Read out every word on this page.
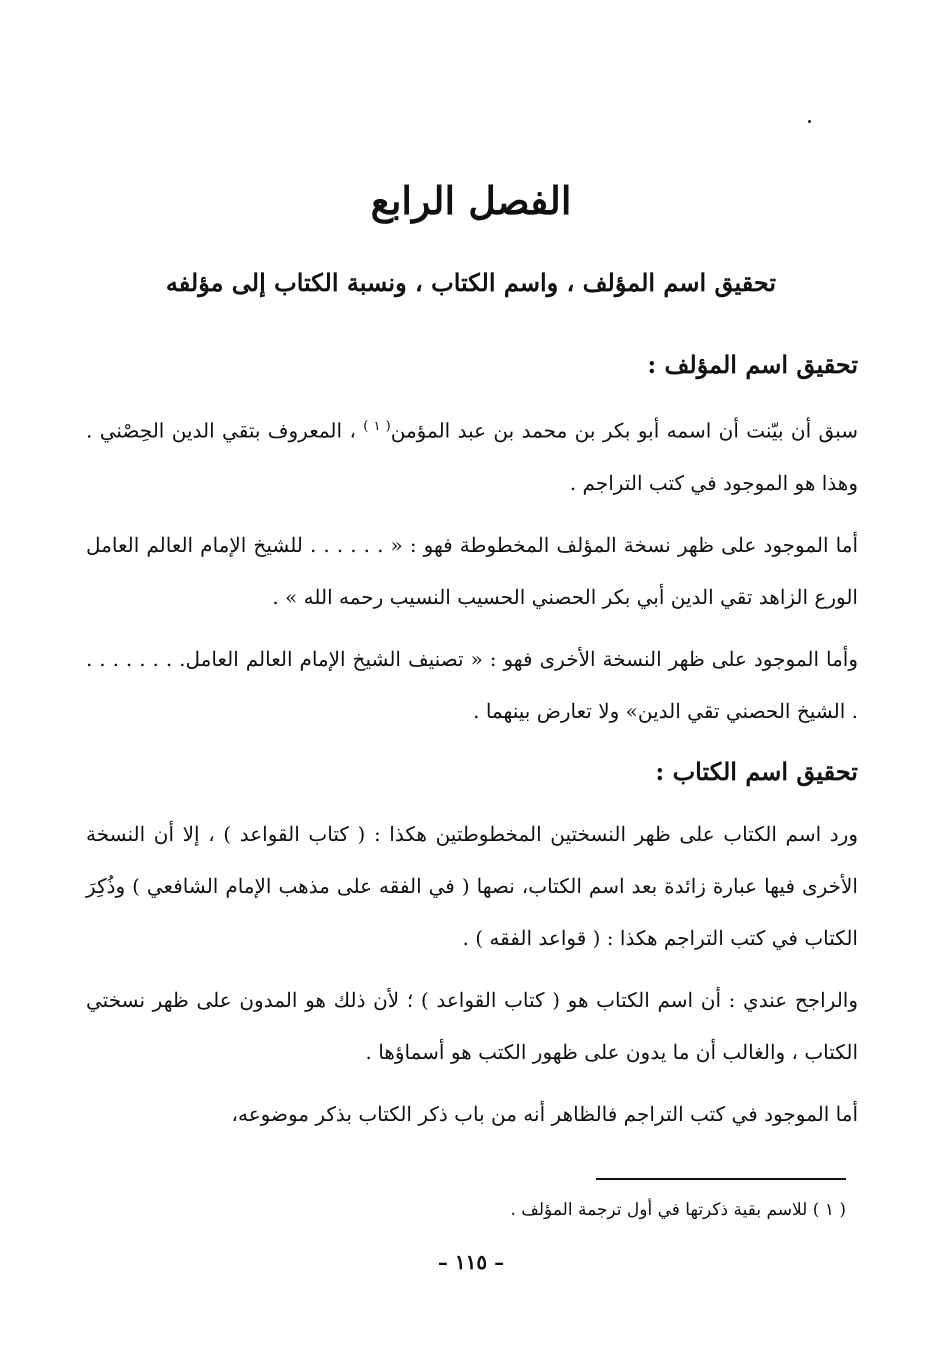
الفصل الرابع
تحقيق اسم المؤلف ، واسم الكتاب ، ونسبة الكتاب إلى مؤلفه
تحقيق اسم المؤلف :

سبق أن بيّنت أن اسمه أبو بكر بن محمد بن عبد المؤمن$^{( ١ )}$ ، المعروف بتقي الدين الحِصْني . وهذا هو الموجود في كتب التراجم .

أما الموجود على ظهر نسخة المؤلف المخطوطة فهو : « . . . . . . للشيخ الإمام العالم العامل الورع الزاهد تقي الدين أبي بكر الحصني الحسيب النسيب رحمه الله » .

وأما الموجود على ظهر النسخة الأخرى فهو : « تصنيف الشيخ الإمام العالم العامل. . . . . . . . . الشيخ الحصني تقي الدين» ولا تعارض بينهما .

تحقيق اسم الكتاب :

ورد اسم الكتاب على ظهر النسختين المخطوطتين هكذا : ( كتاب القواعد ) ، إلا أن النسخة الأخرى فيها عبارة زائدة بعد اسم الكتاب، نصها ( في الفقه على مذهب الإمام الشافعي ) وذُكِرَ الكتاب في كتب التراجم هكذا : ( قواعد الفقه ) .

والراجح عندي : أن اسم الكتاب هو ( كتاب القواعد ) ؛ لأن ذلك هو المدون على ظهر نسختي الكتاب ، والغالب أن ما يدون على ظهور الكتب هو أسماؤها .

أما الموجود في كتب التراجم فالظاهر أنه من باب ذكر الكتاب بذكر موضوعه،

( ١ ) للاسم بقية ذكرتها في أول ترجمة المؤلف .

– ١١٥ –
